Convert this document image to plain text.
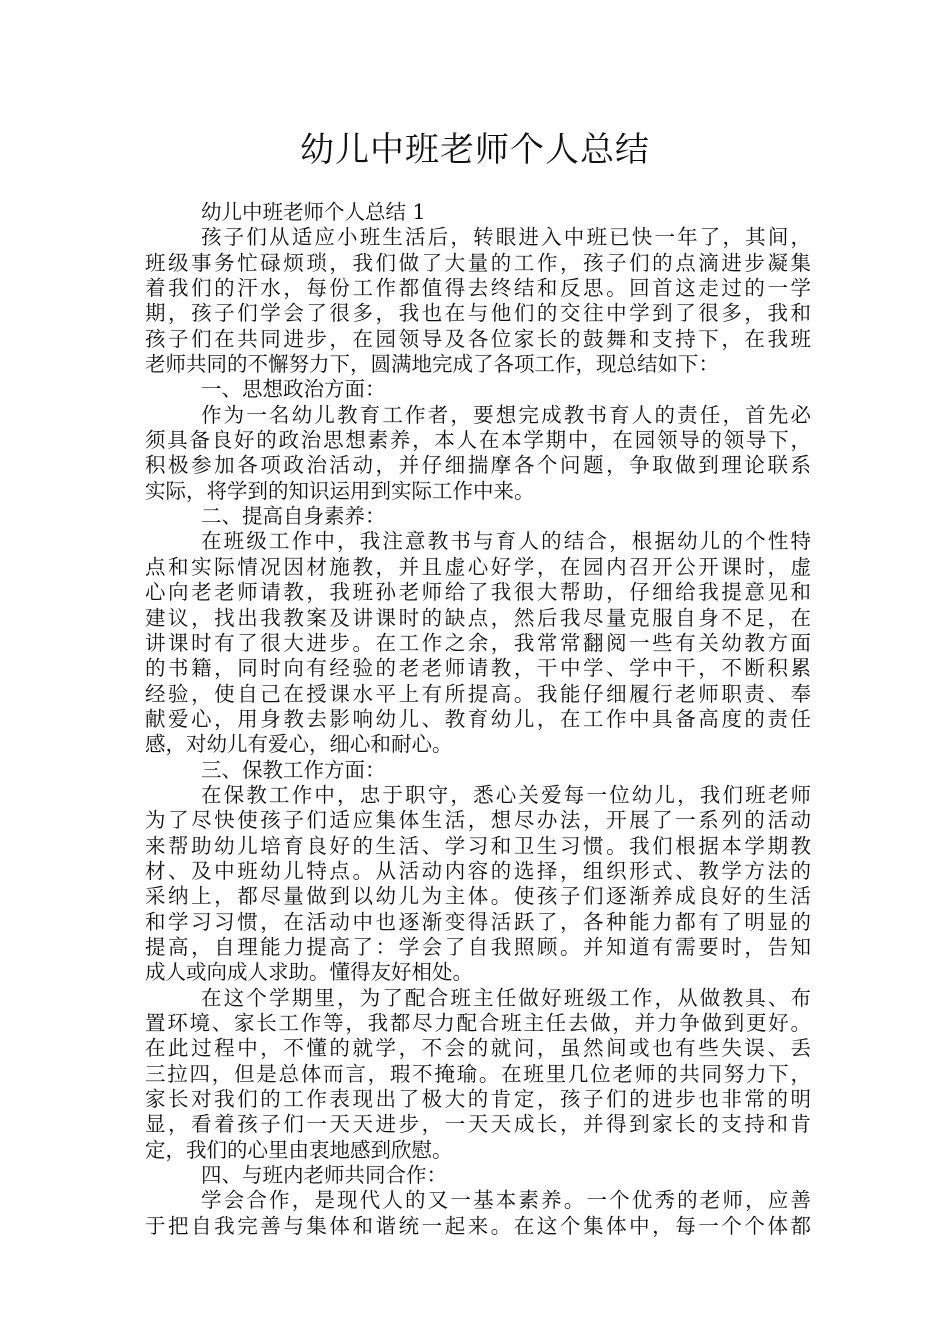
幼儿中班老师个人总结
幼儿中班老师个人总结 1
孩子们从适应小班生活后，转眼进入中班已快一年了，其间，
班级事务忙碌烦琐，我们做了大量的工作，孩子们的点滴进步凝集
着我们的汗水，每份工作都值得去终结和反思。回首这走过的一学
期，孩子们学会了很多，我也在与他们的交往中学到了很多，我和
孩子们在共同进步，在园领导及各位家长的鼓舞和支持下，在我班
老师共同的不懈努力下，圆满地完成了各项工作，现总结如下：
一、思想政治方面：
作为一名幼儿教育工作者，要想完成教书育人的责任，首先必
须具备良好的政治思想素养，本人在本学期中，在园领导的领导下，
积极参加各项政治活动，并仔细揣摩各个问题，争取做到理论联系
实际，将学到的知识运用到实际工作中来。
二、提高自身素养：
在班级工作中，我注意教书与育人的结合，根据幼儿的个性特
点和实际情况因材施教，并且虚心好学，在园内召开公开课时，虚
心向老老师请教，我班孙老师给了我很大帮助，仔细给我提意见和
建议，找出我教案及讲课时的缺点，然后我尽量克服自身不足，在
讲课时有了很大进步。在工作之余，我常常翻阅一些有关幼教方面
的书籍，同时向有经验的老老师请教，干中学、学中干，不断积累
经验，使自己在授课水平上有所提高。我能仔细履行老师职责、奉
献爱心，用身教去影响幼儿、教育幼儿，在工作中具备高度的责任
感，对幼儿有爱心，细心和耐心。
三、保教工作方面：
在保教工作中，忠于职守，悉心关爱每一位幼儿，我们班老师
为了尽快使孩子们适应集体生活，想尽办法，开展了一系列的活动
来帮助幼儿培育良好的生活、学习和卫生习惯。我们根据本学期教
材、及中班幼儿特点。从活动内容的选择，组织形式、教学方法的
采纳上，都尽量做到以幼儿为主体。使孩子们逐渐养成良好的生活
和学习习惯，在活动中也逐渐变得活跃了，各种能力都有了明显的
提高，自理能力提高了：学会了自我照顾。并知道有需要时，告知
成人或向成人求助。懂得友好相处。
在这个学期里，为了配合班主任做好班级工作，从做教具、布
置环境、家长工作等，我都尽力配合班主任去做，并力争做到更好。
在此过程中，不懂的就学，不会的就问，虽然间或也有些失误、丢
三拉四，但是总体而言，瑕不掩瑜。在班里几位老师的共同努力下，
家长对我们的工作表现出了极大的肯定，孩子们的进步也非常的明
显，看着孩子们一天天进步，一天天成长，并得到家长的支持和肯
定，我们的心里由衷地感到欣慰。
四、与班内老师共同合作：
学会合作，是现代人的又一基本素养。一个优秀的老师，应善
于把自我完善与集体和谐统一起来。在这个集体中，每一个个体都
